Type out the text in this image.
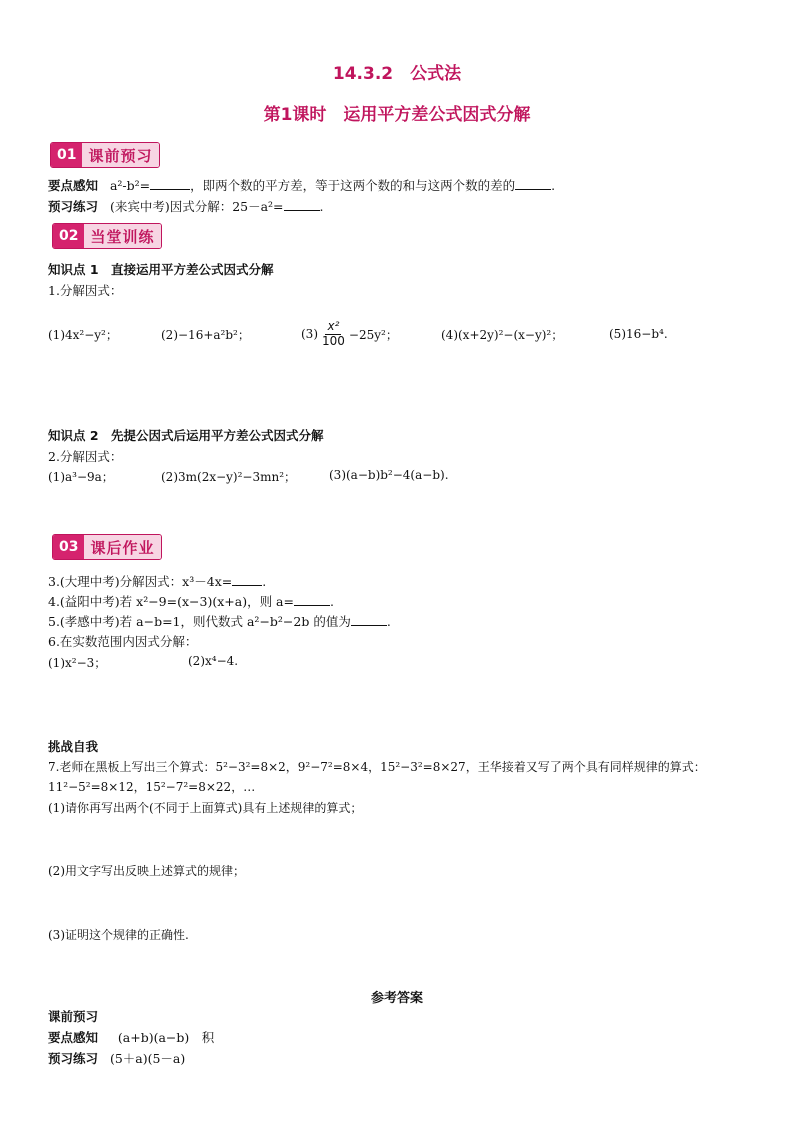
14.3.2　公式法
第1课时　运用平方差公式因式分解
01 课前预习
要点感知 a²-b²=	，即两个数的平方差，等于这两个数的和与这两个数的差的	.
预习练习 (来宾中考)因式分解：25－a²=	.
02 当堂训练
知识点 1　直接运用平方差公式因式分解
1.分解因式：
(1)4x²−y²；	(2)−16+a²b²；	$(3) \frac{\text{x²}}{100} -25y^2$；	(4)(x+2y)²−(x−y)²；	(5)16−b⁴.
知识点 2　先提公因式后运用平方差公式因式分解
2.分解因式：
(1)a³−9a；	(2)3m(2x−y)²−3mn²；	(3)(a−b)b²−4(a−b).
03 课后作业
3.(大理中考)分解因式：x³－4x= .
4.(益阳中考)若 x²−9=(x−3)(x+a)，则 a=	.
5.(孝感中考)若 a−b=1，则代数式 a²−b²−2b 的值为	.
6.在实数范围内因式分解：
(1)x²−3；	(2)x⁴−4.
挑战自我
7.老师在黑板上写出三个算式：5²−3²=8×2，9²−7²=8×4，15²−3²=8×27，王华接着又写了两个具有同样规律的算式：
11²−5²=8×12，15²−7²=8×22，…
(1)请你再写出两个(不同于上面算式)具有上述规律的算式；
(2)用文字写出反映上述算式的规律；
(3)证明这个规律的正确性.
参考答案
课前预习
要点感知 (a+b)(a−b)　积
预习练习 (5＋a)(5－a)
